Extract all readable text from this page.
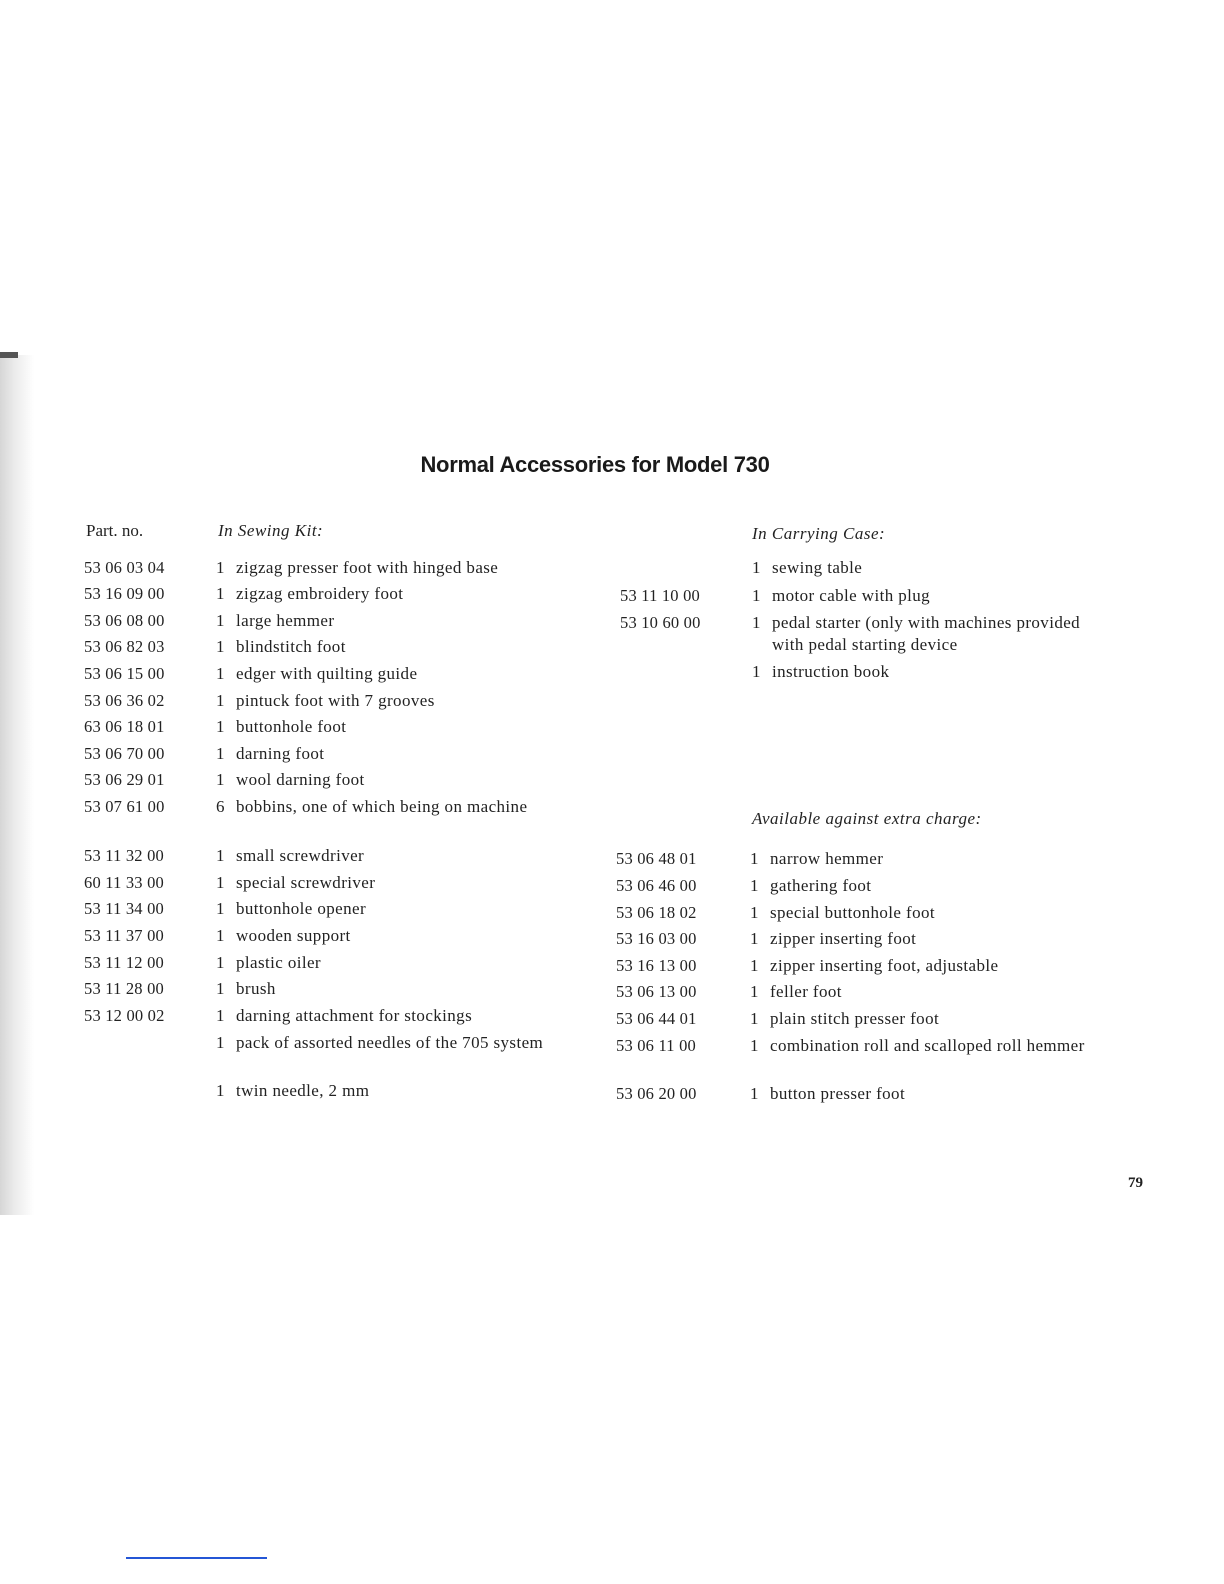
Normal Accessories for Model 730
Part. no.	In Sewing Kit:
53 06 03 04	1 zigzag presser foot with hinged base
53 16 09 00	1 zigzag embroidery foot
53 06 08 00	1 large hemmer
53 06 82 03	1 blindstitch foot
53 06 15 00	1 edger with quilting guide
53 06 36 02	1 pintuck foot with 7 grooves
63 06 18 01	1 buttonhole foot
53 06 70 00	1 darning foot
53 06 29 01	1 wool darning foot
53 07 61 00	6 bobbins, one of which being on machine
53 11 32 00	1 small screwdriver
60 11 33 00	1 special screwdriver
53 11 34 00	1 buttonhole opener
53 11 37 00	1 wooden support
53 11 12 00	1 plastic oiler
53 11 28 00	1 brush
53 12 00 02	1 darning attachment for stockings
1 pack of assorted needles of the 705 system
1 twin needle, 2 mm
In Carrying Case:
1 sewing table
53 11 10 00	1 motor cable with plug
53 10 60 00	1 pedal starter (only with machines provided with pedal starting device
1 instruction book
Available against extra charge:
53 06 48 01	1 narrow hemmer
53 06 46 00	1 gathering foot
53 06 18 02	1 special buttonhole foot
53 16 03 00	1 zipper inserting foot
53 16 13 00	1 zipper inserting foot, adjustable
53 06 13 00	1 feller foot
53 06 44 01	1 plain stitch presser foot
53 06 11 00	1 combination roll and scalloped roll hemmer
53 06 20 00	1 button presser foot
79
